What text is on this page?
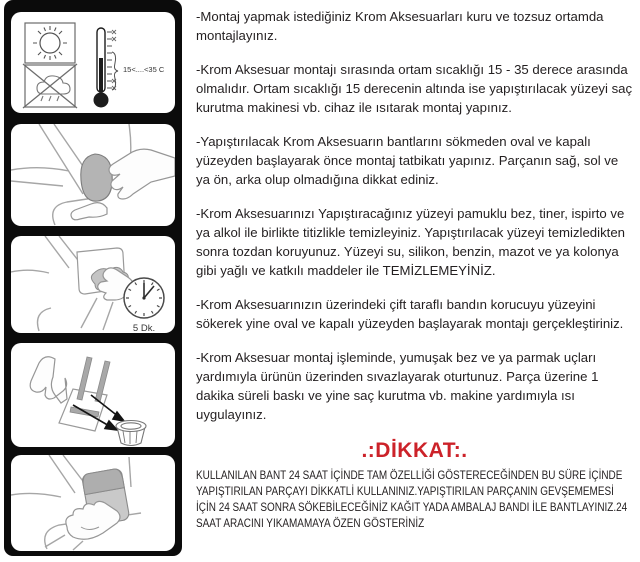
15<....<35 C
5 Dk.

-Montaj yapmak istediğiniz Krom Aksesuarları kuru ve tozsuz ortamda montajlayınız.

-Krom Aksesuar montajı sırasında ortam sıcaklığı 15 - 35 derece arasında olmalıdır. Ortam sıcaklığı 15 derecenin altında ise yapıştırılacak yüzeyi saç kurutma makinesi vb. cihaz ile ısıtarak montaj yapınız.

-Yapıştırılacak Krom Aksesuarın bantlarını sökmeden oval ve kapalı yüzeyden başlayarak önce montaj tatbikatı yapınız. Parçanın sağ, sol ve ya ön, arka olup olmadığına dikkat ediniz.

-Krom Aksesuarınızı Yapıştıracağınız yüzeyi pamuklu bez, tiner, ispirto ve ya alkol ile birlikte titizlikle temizleyiniz. Yapıştırılacak yüzeyi temizledikten sonra tozdan koruyunuz. Yüzeyi su, silikon, benzin, mazot ve ya kolonya gibi yağlı ve katkılı maddeler ile TEMİZLEMEYİNİZ.

-Krom Aksesuarınızın üzerindeki çift taraflı bandın korucuyu yüzeyini sökerek yine oval ve kapalı yüzeyden başlayarak montajı gerçekleştiriniz.

-Krom Aksesuar montaj işleminde, yumuşak bez ve ya parmak uçları yardımıyla ürünün üzerinden sıvazlayarak oturtunuz. Parça üzerine 1 dakika süreli baskı ve yine saç kurutma vb. makine yardımıyla ısı uygulayınız.

.:DİKKAT:.

KULLANILAN BANT 24 SAAT İÇİNDE TAM ÖZELLİĞİ GÖSTERECEĞİNDEN BU SÜRE İÇİNDE YAPIŞTIRILAN PARÇAYI DİKKATLİ KULLANINIZ.YAPIŞTIRILAN PARÇANIN GEVŞEMEMESİ İÇİN 24 SAAT SONRA SÖKEBİLECEĞİNİZ KAĞIT YADA AMBALAJ BANDI İLE BANTLAYINIZ.24 SAAT ARACINI YIKAMAMAYA ÖZEN GÖSTERİNİZ
